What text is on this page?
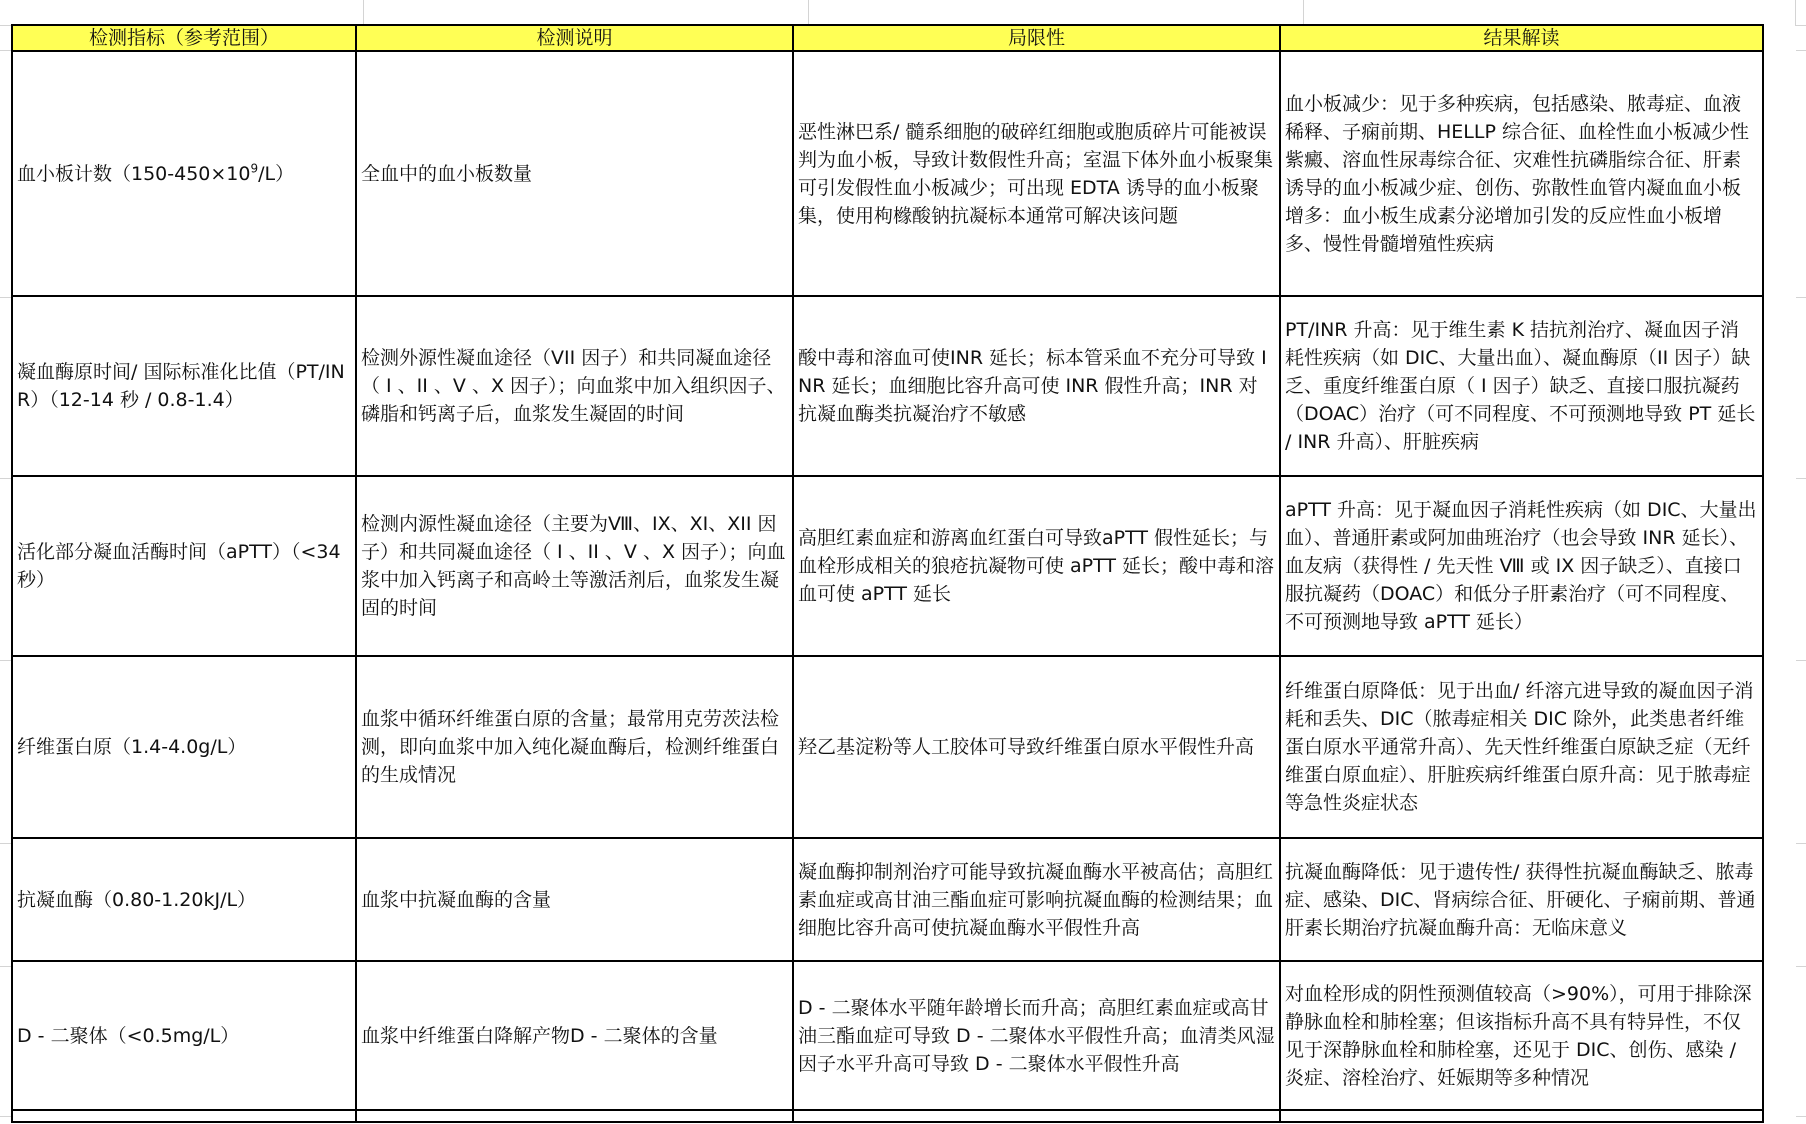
检测指标（参考范围）	检测说明	局限性	结果解读
血小板计数$(150-450\times 10^9/L)$	全血中的血小板数量	恶性淋巴系/ 髓系细胞的破碎红细胞或胞质碎片可能被误判为血小板，导致计数假性升高；室温下体外血小板聚集可引发假性血小板减少；可出现 EDTA 诱导的血小板聚集，使用枸橼酸钠抗凝标本通常可解决该问题	血小板减少：见于多种疾病，包括感染、脓毒症、血液稀释、子痫前期、HELLP 综合征、血栓性血小板减少性紫癜、溶血性尿毒综合征、灾难性抗磷脂综合征、肝素诱导的血小板减少症、创伤、弥散性血管内凝血血小板增多：血小板生成素分泌增加引发的反应性血小板增多、慢性骨髓增殖性疾病
凝血酶原时间/ 国际标准化比值（PT/INR）（12-14 秒 / 0.8-1.4）	检测外源性凝血途径（VII 因子）和共同凝血途径（ I 、II 、V 、X 因子）；向血浆中加入组织因子、磷脂和钙离子后，血浆发生凝固的时间	酸中毒和溶血可使INR 延长；标本管采血不充分可导致 INR 延长；血细胞比容升高可使 INR 假性升高；INR 对抗凝血酶类抗凝治疗不敏感	PT/INR 升高：见于维生素 K 拮抗剂治疗、凝血因子消耗性疾病（如 DIC、大量出血）、凝血酶原（II 因子）缺乏、重度纤维蛋白原（ I 因子）缺乏、直接口服抗凝药（DOAC）治疗（可不同程度、不可预测地导致 PT 延长 / INR 升高）、肝脏疾病
活化部分凝血活酶时间（aPTT）（<34 秒）	检测内源性凝血途径（主要为Ⅷ、IX、XI、XII 因子）和共同凝血途径（ I 、II 、V 、X 因子）；向血浆中加入钙离子和高岭土等激活剂后，血浆发生凝固的时间	高胆红素血症和游离血红蛋白可导致aPTT 假性延长；与血栓形成相关的狼疮抗凝物可使 aPTT 延长；酸中毒和溶血可使 aPTT 延长	aPTT 升高：见于凝血因子消耗性疾病（如 DIC、大量出血）、普通肝素或阿加曲班治疗（也会导致 INR 延长）、血友病（获得性 / 先天性 Ⅷ 或 IX 因子缺乏）、直接口服抗凝药（DOAC）和低分子肝素治疗（可不同程度、不可预测地导致 aPTT 延长）
纤维蛋白原（1.4-4.0g/L）	血浆中循环纤维蛋白原的含量；最常用克劳茨法检测，即向血浆中加入纯化凝血酶后，检测纤维蛋白的生成情况	羟乙基淀粉等人工胶体可导致纤维蛋白原水平假性升高	纤维蛋白原降低：见于出血/ 纤溶亢进导致的凝血因子消耗和丢失、DIC（脓毒症相关 DIC 除外，此类患者纤维蛋白原水平通常升高）、先天性纤维蛋白原缺乏症（无纤维蛋白原血症）、肝脏疾病纤维蛋白原升高：见于脓毒症等急性炎症状态
抗凝血酶（0.80-1.20kJ/L）	血浆中抗凝血酶的含量	凝血酶抑制剂治疗可能导致抗凝血酶水平被高估；高胆红素血症或高甘油三酯血症可影响抗凝血酶的检测结果；血细胞比容升高可使抗凝血酶水平假性升高	抗凝血酶降低：见于遗传性/ 获得性抗凝血酶缺乏、脓毒症、感染、DIC、肾病综合征、肝硬化、子痫前期、普通肝素长期治疗抗凝血酶升高：无临床意义
D - 二聚体（<0.5mg/L）	血浆中纤维蛋白降解产物D - 二聚体的含量	D - 二聚体水平随年龄增长而升高；高胆红素血症或高甘油三酯血症可导致 D - 二聚体水平假性升高；血清类风湿因子水平升高可导致 D - 二聚体水平假性升高	对血栓形成的阴性预测值较高（>90%），可用于排除深静脉血栓和肺栓塞；但该指标升高不具有特异性，不仅见于深静脉血栓和肺栓塞，还见于 DIC、创伤、感染 / 炎症、溶栓治疗、妊娠期等多种情况
